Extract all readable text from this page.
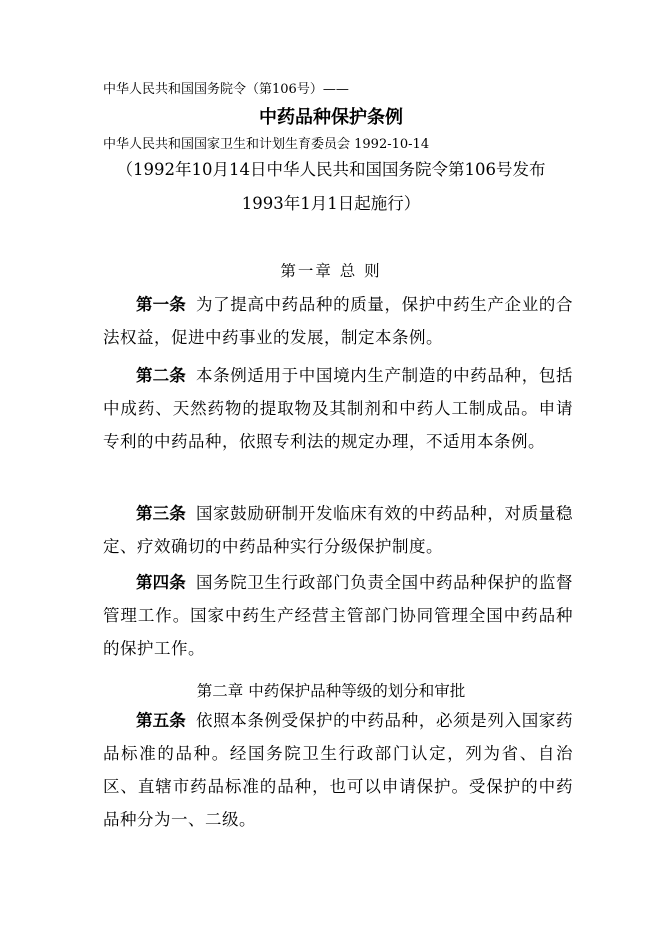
中华人民共和国国务院令（第106号）——
中药品种保护条例
中华人民共和国国家卫生和计划生育委员会 1992-10-14
（1992年10月14日中华人民共和国国务院令第106号发布
1993年1月1日起施行）
第一章 总 则
第一条 为了提高中药品种的质量，保护中药生产企业的合法权益，促进中药事业的发展，制定本条例。
第二条 本条例适用于中国境内生产制造的中药品种，包括中成药、天然药物的提取物及其制剂和中药人工制成品。申请专利的中药品种，依照专利法的规定办理，不适用本条例。
第三条 国家鼓励研制开发临床有效的中药品种，对质量稳定、疗效确切的中药品种实行分级保护制度。
第四条 国务院卫生行政部门负责全国中药品种保护的监督管理工作。国家中药生产经营主管部门协同管理全国中药品种的保护工作。
第二章 中药保护品种等级的划分和审批
第五条 依照本条例受保护的中药品种，必须是列入国家药品标准的品种。经国务院卫生行政部门认定，列为省、自治区、直辖市药品标准的品种，也可以申请保护。受保护的中药品种分为一、二级。
